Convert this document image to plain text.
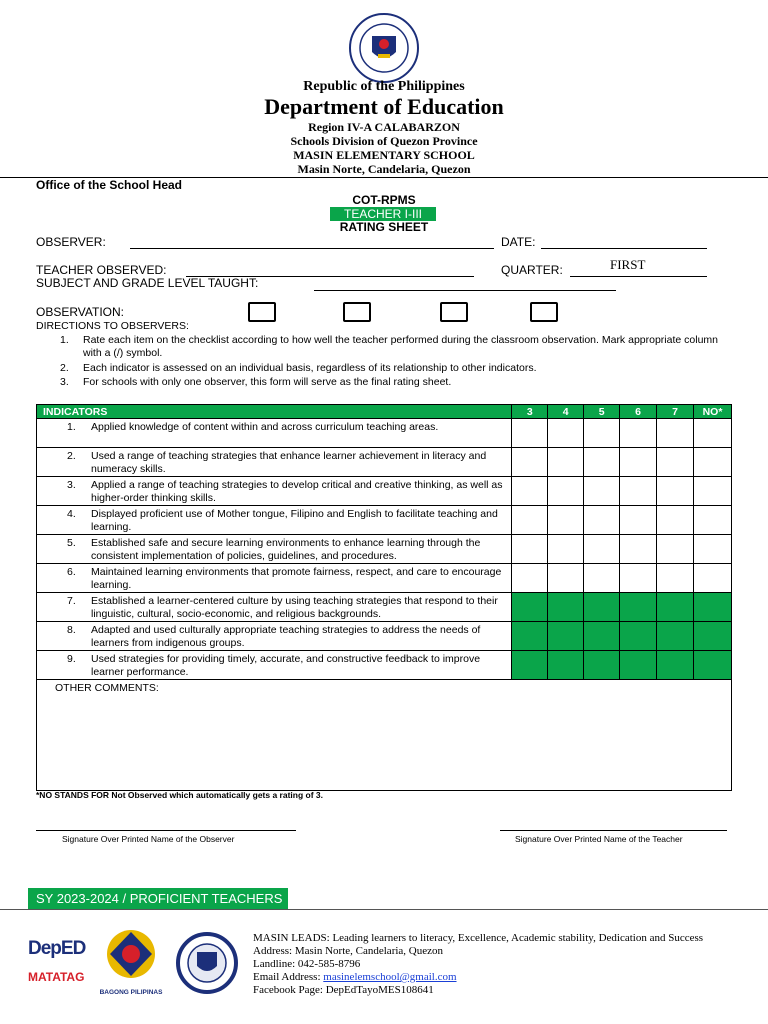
Republic of the Philippines
Department of Education
Region IV-A CALABARZON
Schools Division of Quezon Province
MASIN ELEMENTARY SCHOOL
Masin Norte, Candelaria, Quezon
Office of the School Head
COT-RPMS
TEACHER I-III
RATING SHEET
OBSERVER:	DATE:
TEACHER OBSERVED:	QUARTER:	FIRST
SUBJECT AND GRADE LEVEL TAUGHT:
OBSERVATION:
DIRECTIONS TO OBSERVERS:
1. Rate each item on the checklist according to how well the teacher performed during the classroom observation. Mark appropriate column with a (/) symbol.
2. Each indicator is assessed on an individual basis, regardless of its relationship to other indicators.
3. For schools with only one observer, this form will serve as the final rating sheet.
INDICATORS	3	4	5	6	7	NO*

1. Applied knowledge of content within and across curriculum teaching areas.						

2. Used a range of teaching strategies that enhance learner achievement in literacy and numeracy skills.						

3. Applied a range of teaching strategies to develop critical and creative thinking, as well as higher-order thinking skills.						

4. Displayed proficient use of Mother tongue, Filipino and English to facilitate teaching and learning.						

5. Established safe and secure learning environments to enhance learning through the consistent implementation of policies, guidelines, and procedures.						

6. Maintained learning environments that promote fairness, respect, and care to encourage learning.						

7. Established a learner-centered culture by using teaching strategies that respond to their linguistic, cultural, socio-economic, and religious backgrounds.						

8. Adapted and used culturally appropriate teaching strategies to address the needs of learners from indigenous groups.						

9. Used strategies for providing timely, accurate, and constructive feedback to improve learner performance.						

OTHER COMMENTS:						
*NO STANDS FOR Not Observed which automatically gets a rating of 3.
Signature Over Printed Name of the Observer	Signature Over Printed Name of the Teacher
SY 2023-2024 / PROFICIENT TEACHERS
DepED
MATATAG
BAGONG PILIPINAS
MASIN LEADS: Leading learners to literacy, Excellence, Academic stability, Dedication and Success
Address: Masin Norte, Candelaria, Quezon
Landline: 042-585-8796
Email Address: masinelemschool@gmail.com
Facebook Page: DepEdTayoMES108641
